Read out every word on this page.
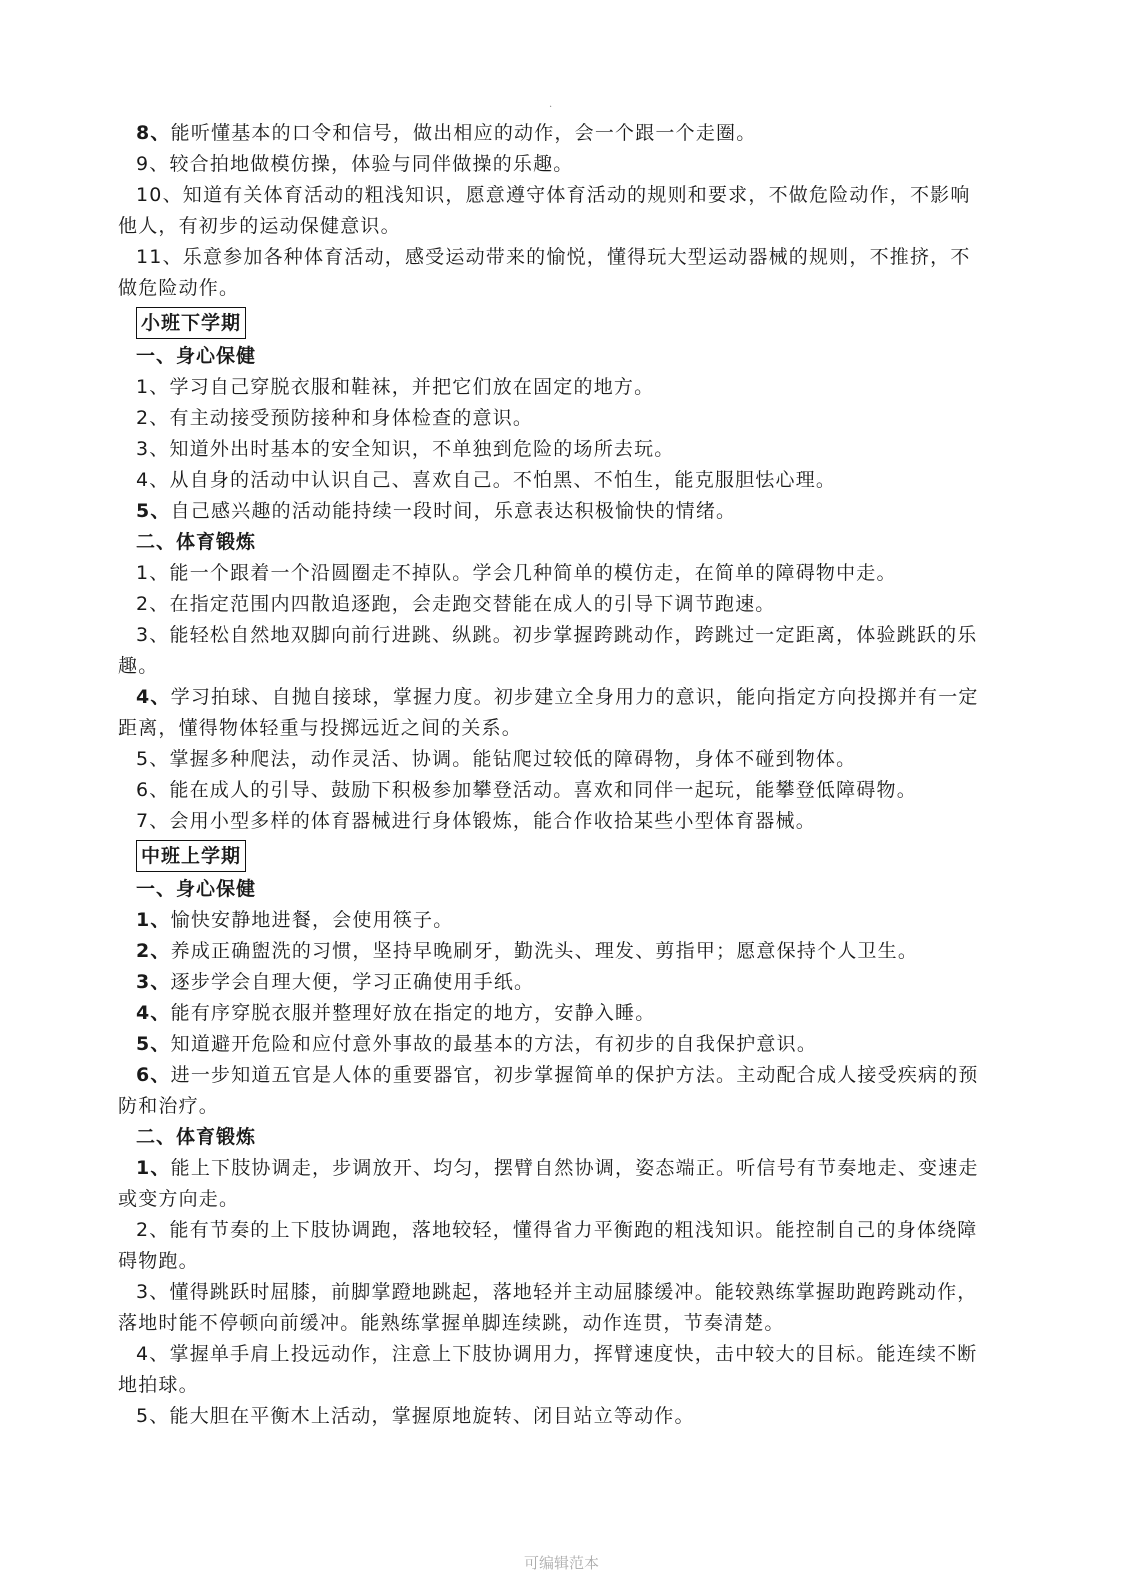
.

8、能听懂基本的口令和信号，做出相应的动作，会一个跟一个走圈。

9、较合拍地做模仿操，体验与同伴做操的乐趣。

10、知道有关体育活动的粗浅知识，愿意遵守体育活动的规则和要求，不做危险动作，不影响他人，有初步的运动保健意识。

11、乐意参加各种体育活动，感受运动带来的愉悦，懂得玩大型运动器械的规则，不推挤，不做危险动作。

小班下学期
一、身心保健

1、学习自己穿脱衣服和鞋袜，并把它们放在固定的地方。

2、有主动接受预防接种和身体检查的意识。

3、知道外出时基本的安全知识，不单独到危险的场所去玩。

4、从自身的活动中认识自己、喜欢自己。不怕黑、不怕生，能克服胆怯心理。

5、自己感兴趣的活动能持续一段时间，乐意表达积极愉快的情绪。

二、体育锻炼

1、能一个跟着一个沿圆圈走不掉队。学会几种简单的模仿走，在简单的障碍物中走。

2、在指定范围内四散追逐跑，会走跑交替能在成人的引导下调节跑速。

3、能轻松自然地双脚向前行进跳、纵跳。初步掌握跨跳动作，跨跳过一定距离，体验跳跃的乐趣。

4、学习拍球、自抛自接球，掌握力度。初步建立全身用力的意识，能向指定方向投掷并有一定距离，懂得物体轻重与投掷远近之间的关系。

5、掌握多种爬法，动作灵活、协调。能钻爬过较低的障碍物，身体不碰到物体。

6、能在成人的引导、鼓励下积极参加攀登活动。喜欢和同伴一起玩，能攀登低障碍物。

7、会用小型多样的体育器械进行身体锻炼，能合作收拾某些小型体育器械。

中班上学期
一、身心保健

1、愉快安静地进餐，会使用筷子。

2、养成正确盥洗的习惯，坚持早晚刷牙，勤洗头、理发、剪指甲；愿意保持个人卫生。

3、逐步学会自理大便，学习正确使用手纸。

4、能有序穿脱衣服并整理好放在指定的地方，安静入睡。

5、知道避开危险和应付意外事故的最基本的方法，有初步的自我保护意识。

6、进一步知道五官是人体的重要器官，初步掌握简单的保护方法。主动配合成人接受疾病的预防和治疗。

二、体育锻炼

1、能上下肢协调走，步调放开、均匀，摆臂自然协调，姿态端正。听信号有节奏地走、变速走或变方向走。

2、能有节奏的上下肢协调跑，落地较轻，懂得省力平衡跑的粗浅知识。能控制自己的身体绕障碍物跑。

3、懂得跳跃时屈膝，前脚掌蹬地跳起，落地轻并主动屈膝缓冲。能较熟练掌握助跑跨跳动作，落地时能不停顿向前缓冲。能熟练掌握单脚连续跳，动作连贯，节奏清楚。

4、掌握单手肩上投远动作，注意上下肢协调用力，挥臂速度快，击中较大的目标。能连续不断地拍球。

5、能大胆在平衡木上活动，掌握原地旋转、闭目站立等动作。

可编辑范本
